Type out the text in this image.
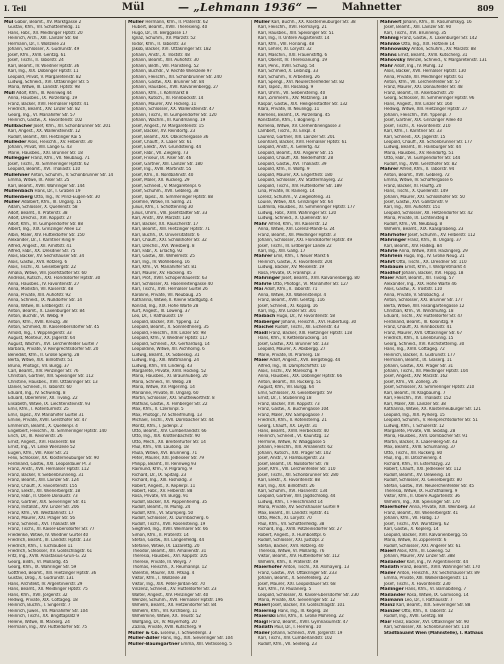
I. Teil	Mül	— „Lehmann 1936“ — Mahnetter	809
Mül Gabor, Beamt., XV. Marktgasse 2
Gustav, Kfm., VII. Schottenfeldg. 11
Hans, Fabr., XII. Meidlinger Hptstr. 20
Heinrich, Arch., XIII. Lainzer Str. 68
Hermann, Dr., I. Wollzeile 23
Johann, Schlosser, X. Gudrunstr. 49
Josef, Kfm., XVIII. Gentzg. 61
Josef, Tischl., II. Taborstr. 24
Karl, Beamt., IV. Wiedner Hptstr. 36
Karl, Ing., XIX. Döblinger Hptstr. 11
Leopold, Privat, V. Margaretenstr. 82
Ludwig, Schneid., XVI. Ottakringer Str. 5
Maria, Witwe, III. Landstr. Hptstr. 98
Müll Adolf, Kfm., III. Rennweg 44
Anna, Hausbes., IX. Porzellang. 19
Franz, Bäcker, XVII. Hernalser Hptstr. 41
Friedrich, Beamt., XIV. Linzer Str. 82
Georg, Ing., VI. Mariahilfer Str. 57
Heinrich, Gastw., X. Favoritenstr. 102
Müllbacher Josef, Kfm., XII. Schönbrunner Str. 201
Karl, Angest., XX. Wallensteinstr. 12
Rudolf, Beamt., XIII. Hietzinger Kai 5
Mülleder Alois, Fleischh., XV. Felberstr. 30
Johann, Privat, VIII. Lange G. 43
Marie, Hausbes., XXI. Brünner Str. 18
Müllegger Franz, Kfm., VII. Neubaug. 71
Josef, Tischl., XI. Simmeringer Hptstr. 62
Leopold, Beamt., XVI. Thaliastr. 110
Müllehner Anton, Schuhm., V. Schönbrunner Str. 14
Emma, Witwe, IX. Alser Str. 25
Karl, Beamt., XVIII. Währinger Str. 144
Müllenbach Hans, Dr., I. Graben 19
Müllenberg Otto, Ing., IV. Prinz-Eugen-Str. 30
Müller Adalbert, Kfm., III. Ungarg. 15
Adam, Schlosser, X. Quellenstr. 58
Adolf, Beamt., II. Praterstr. 38
Adolf, Drechsl., XVI. Koppstr. 27
Adolf, Kfm., VI. Gumpendorfer Str. 88
Albert, Ing., XIX. Grinzinger Allee 12
Albin, Maler, XIV. Hütteldorfer Str. 150
Alexander, Dr., I. Kärntner Ring 9
Alfred, Angest., XII. Arndtstr. 41
Alfred, Fabr., XX. Dresdner Str. 75
Alois, Bäcker, XV. Sechshauser Str. 34
Alois, Gastw., XVII. Rötzerg. 6
Alois, Tischl., XI. Geiselbergstr. 22
Amalia, Witwe, VIII. Josefstädter Str. 60
Andreas, Kutsch., XXI. Floridsdorfer Hptstr. 30
Anna, Hausbes., IV. Favoritenstr. 27
Anna, Modistin, VII. Kaiserstr. 48
Anna, Private, XIII. Auhofstr. 92
Anna, Schneid., IX. Nußdorfer Str. 14
Anna, Witwe, III. Erdbergstr. 71
Anton, Beamt., X. Laxenburger Str. 84
Anton, Buchdr., VI. Webg. 9
Anton, Kfm., XVIII. Kreuzg. 38
Anton, Schmied, XI. Kaiserebersdorfer Str. 45
Arnold, Ing., I. Wipplingerstr. 33
August, Monteur, XX. Jägerstr. 64
August, Wachm., XVI. Lerchenfelder Gürtel 7
Barbara, Private, V. Reinprechtsdorfer Str. 20
Benedikt, Kfm., II. Große Sperlg. 28
Berta, Witwe, XIX. Billrothstr. 51
Bruno, Photogr., VII. Burgg. 37
Carl, Beamt., XIV. Penzinger Str. 76
Christian, Gärtner, XIII. Speisinger Str. 112
Christine, Hausbes., XVII. Ottakringer Str. 13
Daniel, Schneid., II. Taborstr. 60
Eduard, Ing., IV. Schwindg. 8
Eduard, Oberlehrer, XII. Tivolig. 22
Elisabeth, Witwe, IX. Liechtensteinstr. 93
Emil, Kfm., I. Rotenturmstr. 25
Emil, Tapez., XV. Mariahilfer Gürtel 31
Emilie, Private, XVIII. Gersthofer Str. 47
Emmerich, Beamt., X. Quellenpl. 4
Engelbert, Fleischh., XI. Simmeringer Hptstr. 140
Erich, Dr., III. Reisnerstr. 26
Ernst, Angest., XVI. Hasnerstr. 68
Ernst, Ing., VI. Linke Wienzeile 52
Eugen, Kfm., VIII. Alser Str. 21
Felix, Schlosser, XX. Klosterneuburger Str. 90
Ferdinand, Gastw., XXI. Leopoldauer Pl. 3
Franz, Anstr., XVII. Hernalser Hptstr. 112
Franz, Bäcker, V. Siebenbrunneng. 31
Franz, Beamt., XIII. Lainzer Str. 124
Franz, Chauff., X. Favoritenstr. 155
Franz, Elektr., XII. Wienerbergstr. 18
Franz, Fabr., II. Obere Donaustr. 73
Franz, Gärtner, XIX. Sieveringer Str. 41
Franz, Installat., XIV. Linzer Str. 206
Franz, Kfm., VII. Westbahnstr. 17
Franz, Maurer, XXI. Prager Str. 56
Franz, Schneid., XVI. Thaliastr. 89
Franz, Tischl., XI. Kaiser-Ebersdorfer Str. 77
Friederike, Witwe, IV. Wiedner Gürtel 40
Friedrich, Beamt., III. Landstr. Hptstr. 133
Friedrich, Kfm., I. Tuchlauben 11
Friedrich, Schlosser, XV. Goldschlagstr. 61
Fritz, Ing., XVIII. Anastasius-Grün-G. 22
Georg, Bildh., VI. Mollardg. 45
Georg, Kfm., IX. Währinger Str. 59
Gottfried, Beamt., XIII. Hietzinger Hptstr. 36
Gustav, Drog., X. Gudrunstr. 131
Hans, Architekt, IV. Argentinierstr. 29
Hans, Beamt., XII. Meidlinger Hptstr. 75
Hans, Kfm., XVII. Jörgerstr. 32
Hedwig, Private, XIX. Cottageg. 18
Heinrich, Buchh., I. Singerstr. 7
Heinrich, Juwel., VII. Mariahilfer Str. 104
Heinrich, Tischl., XX. Brigittaplatz 9
Helene, Witwe, III. Marxerg. 24
Hermann, Ing., XIV. Hütteldorfer Str. 75
Müller Hermann, Kfm., II. Praterstr. 62
Hubert, Beamt., XVIII. Theresieng. 40
Hugo, Dr., IX. Berggasse 17
Ignaz, Schuhm., XV. Märzstr. 52
Isidor, Kfm., II. Taborstr. 33
Jakob, Bäcker, XVI. Ottakringer Str. 182
Johann, Anstr., X. Troststr. 48
Johann, Beamt., XIII. Auhofstr. 30
Johann, Bildh., VIII. Piaristeng. 52
Johann, Buchdr., V. Rechte Wienzeile 97
Johann, Fleischh., XII. Schönbrunner Str. 240
Johann, Gastw., XXI. Brünner Str. 84
Johann, Hausbes., XVII. Kalvarienbergg. 27
Johann, Kfm., I. Kohlmarkt 8
Johann, Kutsch., XI. Rinnböckstr. 14
Johann, Maurer, XIV. Hickelg. 11
Johann, Schlosser, XX. Wallensteinstr. 47
Johann, Tischl., VI. Gumpendorfer Str. 120
Johann, Wachm., III. Kundmanng. 19
Josef, Angest., IV. Margaretenstr. 15
Josef, Bäcker, XV. Reindorfg. 23
Josef, Beamt., XIX. Obkirchergasse 36
Josef, Chauff., X. Laaer Str. 61
Josef, Elektr., XVI. Grundsteing. 44
Josef, Fabr., VII. Zieglerg. 73
Josef, Friseur, IX. Alser Str. 46
Josef, Gärtner, XIII. Lainzer Str. 180
Josef, Ing., XVIII. Martinstr. 55
Josef, Kfm., II. Nordbahnstr. 40
Josef, Maler, XII. Ruckerg. 29
Josef, Schneid., V. Margaretenpl. 6
Josef, Schuhm., XVII. Geblerg. 38
Josef, Tapez., XI. Simmeringer Hptstr. 88
Josefine, Witwe, III. Salmg. 21
Julius, Kfm., I. Schottenring 30
Julius, Uhrm., VIII. Josefstädter Str. 33
Karl, Anstr., XIV. Märzstr. 130
Karl, Bäcker, XX. Rauscherstr. 17
Karl, Beamt., XIII. Hietzinger Hptstr. 71
Karl, Buchh., IX. Universitätsstr. 6
Karl, Chauff., XXI. Schloßhofer Str. 32
Karl, Drechsl., XVI. Wiesberg. 8
Karl, Fabr., X. Erlachg. 92
Karl, Gastw., XII. Wilhelmstr. 25
Karl, Ing., IV. Wohllebeng. 16
Karl, Kfm., VI. Mariahilfer Str. 81
Karl, Maurer, XV. Hackeng. 45
Karl, Prof., XVIII. Schopenhauerstr. 63
Karl, Schlosser, XI. Hasenleitengasse 40
Karl, Tischl., XVII. Hernalser Gürtel 26
Karoline, Private, VII. Neubaug. 25
Katharina, Witwe, II. Kleine Stadtgutg. 4
Konrad, Ing., XIX. Hohe Warte 28
Kurt, Angest., III. Löweng. 37
Leo, Dr., I. Rathausstr. 19
Leopold, Bäcker, XVI. Yppeng. 12
Leopold, Beamt., X. Sonnleithnerg. 35
Leopold, Fleischh., XIV. Linzer Str. 98
Leopold, Kfm., V. Wiedner Hptstr. 117
Leopold, Schneid., XX. Gerhardusg. 14
Leopoldine, Witwe, XII. Aichhorng. 6
Ludwig, Beamt., IX. Sobieskig. 31
Ludwig, Ing., XIII. Wattmanng. 24
Ludwig, Kfm., VII. Lindeng. 43
Margarete, Private, XVIII. Hockeg. 52
Maria, Hausbes., XI. Braunhuberg. 20
Maria, Schneid., VI. Webg. 28
Maria, Witwe, XV. Pilgerimg. 14
Marianne, Private, III. Ungarg. 60
Martin, Schlosser, XXI. Shuttleworthstr. 8
Mathias, Gastw., X. Himberger Str. 22
Max, Kfm., II. Czerninpl. 5
Max, Photogr., IV. Schleifmühlg. 13
Michael, Tischl., XVII. Dornbacher Str. 44
Moritz, Kfm., I. Judenpl. 2
Otto, Beamt., XIV. Cumberlandstr. 66
Otto, Ing., XIX. Krottenbachstr. 90
Otto, Mech., XII. Breitenfurter Str. 14
Paul, Kfm., VIII. Laudong. 18
Paula, Witwe, XVI. Brunneng. 71
Peter, Maurer, XXI. Jedleseer Str. 79
Philipp, Beamt., III. Rennweg 93
Raimund, Kfm., V. Pilgramg. 9
Richard, Dr., IX. Spitalg. 23
Richard, Ing., XIII. Fasholdg. 3
Robert, Angest., X. Keplerpl. 11
Robert, Fabr., XV. Felberstr. 88
Rosa, Private, VII. Burgg. 91
Rudolf, Bäcker, XX. Pappenheimg. 35
Rudolf, Beamt., IV. Mühlg. 24
Rudolf, Kfm., VI. Stumperg. 50
Rudolf, Schlosser, XI. Dürrnbacherg. 6
Rudolf, Tischl., XVII. Rosensteing. 19
Siegfried, Ing., XVIII. Weimarer Str. 66
Simon, Kfm., II. Praterstr. 14
Stefan, Gastw., XII. Längenfeldg. 44
Stefanie, Witwe, IX. Lazarettg. 20
Theodor, Beamt., XIII. Amalienstr. 31
Theresia, Hausbes., XVI. Koppstr. 105
Therese, Private, III. Weyrg. 7
Thomas, Fleischh., X. Reumannpl. 12
Valentin, Maurer, XXI. Pitkag. 4
Viktor, Kfm., I. Wollzeile 38
Viktor, Ing., XIX. Peter-Jordan-Str. 70
Vinzenz, Schneid., XV. Hütteldorfer Str. 23
Walter, Angest., XIV. Penzinger Str. 40
Wenzel, Schuhm., XVII. Hernalser Hptstr. 196
Wilhelm, Beamt., XII. Hetzendorfer Str. 84
Wilhelm, Kfm., VII. Kirchberg. 11
Wilhelmine, Witwe, XX. Treustr. 52
Wolfgang, Dr., IV. Mayerhofg. 20
Zäzilia, Private, XVIII. Kutscherg. 9
Müller & Co. Eisenw., I. Schwedenpl. 3
Müller-Adler Hans, Ing., XIX. Sieveringer Str. 104
Müller-Baumgartner Emma, XIII. Veitlisseng. 5
Müller Karl, Buchh., XX. Klosterneuburger Str. 38
Karl, Fleischh., XVII. Hormayrg. 21
Karl, Hausbes., XIII. Speisinger Str. 51
Karl, Ing., II. Untere Augartenstr. 14
Karl, Kfm., VIII. Florianig. 48
Karl, Lehrer, XI. Lorystr. 32
Karl, Maschin., XXI. Frauenstiftg. 6
Karl, Oberst, IV. Theresianumg. 19
Karl, Pens., XVIII. Schulg. 54
Karl, Schmied, X. Leibnizg. 33
Karl, Schuhm., V. Arbeiterg. 26
Karl, Spengl., XVI. Neulerchenfelder Str. 82
Karl, Tapez., XII. Rosaliag. 9
Karl, Uhrm., VII. Siebensterng. 40
Karl, Zimmerm., XIV. Matznerg. 18
Kaspar, Gastw., XIX. Heiligenstädter Str. 132
Klara, Private, III. Neulingg. 11
Klemens, Beamt., IX. Porzellang. 45
Konstantin, Kfm., I. Bognerg. 7
Kornelia, Witwe, XV. Clementinengasse 3
Lambert, Tischl., XI. Enkpl. 4
Laurenz, Gärtner, XIII. Lainzer Str. 201
Leonhard, Bäcker, XVII. Hernalser Hptstr. 61
Leopold, Anstr., X. Gellertg. 42
Leopold, Beamt., XXI. Angerer Str. 15
Leopold, Chauff., XII. Niederhofstr. 28
Leopold, Gastw., XVI. Thaliastr. 39
Leopold, Kfm., II. Wolfg. 9
Leopold, Maurer, XX. Engerthstr. 180
Leopold, Schlosser, XV. Stättermayerg. 22
Leopold, Tischl., XIV. Hütteldorfer Str. 189
Lina, Private, IV. Rainerg. 14
Lorenz, Schuhm., V. Ziegelofeng. 31
Louise, Witwe, XIX. Grinzinger Str. 64
Ludmilla, Hausbes., XI. Simmeringer Hptstr. 177
Ludwig, Fabr., XVIII. Währinger Str. 120
Ludwig, Schneid., X. Quellenstr. 87
Mahr Alfred, Kfm., VII. Kaiserstr. 12
Anna, Witwe, XVI. Lorenz-Mandl-G. 24
Franz, Beamt., XII. Meidlinger Hptstr. 3
Johann, Schlosser, XXI. Floridsdorfer Hptstr. 49
Josef, Tischl., III. Erdberger Lände 22
Karl, Ing., XIII. Gallg. 17
Mahrer Emil, Kfm., I. Neuer Markt 6
Heinrich, Gastw., X. Favoritenstr. 204
Ludwig, Bäcker, XV. Meiselstr. 19
Rosa, Private, IX. Frankhpl. 3
Mahringer Josef, Beamt., XVII. Kalvarienbergg. 80
Mahrle Otto, Photogr., VI. Mariahilfer Str. 127
Mai Adolf, Kfm., II. Taborstr. 71
Anna, Witwe, XX. Wallensteinpl. 4
Franz, Beamt., XVIII. Gentzg. 116
Josef, Schneid., XI. Kopalg. 16
Karl, Ing., XIV. Linzer Str. 301
Maibach Hugo, Dr., IV. Favoritenstr. 58
Maiberger Johann, Fleischh., XVI. Hubertusg. 30
Maichel Rudolf, Tischl., XII. Eichenstr. 43
Maidl Franz, Bäcker, XIII. Hietzinger Hptstr. 118
Hans, Kfm., V. Kettenbrückeng. 14
Josef, Gastw., XXI. Brünner Str. 133
Leopold, Maurer, X. Absbergg. 27
Marie, Private, IX. Pramerg. 18
Maier Adolf, Angest., XVII. Bergsteigg. 44
Alfred, Ing., III. Dampfschiffstr. 10
Alois, Tischl., XV. Mareschg. 9
Anna, Hausbes., XIX. Döblinger Hptstr. 66
Anton, Beamt., XII. Ruckerg. 51
August, Kfm., VII. Burgg. 64
Emil, Schlosser, XI. Geiselbergstr. 59
Ernst, Dr., I. Stubenring 18
Franz, Bäcker, XVI. Koppstr. 73
Franz, Gastw., X. Buchengasse 104
Franz, Maler, XIV. Sampogasse 7
Friedrich, Kfm., II. Rotensterng. 21
Georg, Chauff., XX. Leystr. 31
Hans, Beamt., XVIII. Herbeckstr. 40
Heinrich, Schneid., VI. Kaunitzg. 12
Hermine, Witwe, IV. Waaggasse 5
Johann, Fleischh., XIII. Amalienstr. 62
Johann, Kutsch., XXI. Prager Str. 102
Josef, Anstr., V. Hamburgerstr. 23
Josef, Beamt., IX. Nußdorfer Str. 78
Josef, Kfm., VIII. Lerchenfelder Str. 110
Josef, Tischl., XII. Schönbrunner Str. 280
Karl, Elektr., X. Favoritenstr. 88
Karl, Ing., XIX. Billrothstr. 26
Karl, Schuhm., XVI. Hasnerstr. 134
Leopold, Gärtner, XIII. Jagdschloßg. 44
Ludwig, Kfm., I. Fleischmarkt 14
Maria, Private, XV. Sechshauser Gürtel 9
Max, Beamt., III. Landstr. Hptstr. 41
Otto, Mech., XI. Lorystr. 70
Paul, Kfm., VII. Schottenfeldg. 38
Richard, Ing., XVIII. Pötzleinsdorfer Str. 27
Robert, Angest., X. Humboldtpl. 6
Rudolf, Schlosser, XXI. Justizpl. 2
Stefan, Bäcker, XVII. Rötzerg. 40
Theresia, Witwe, VI. Mollardg. 76
Viktor, Beamt., XIV. Hütteldorfer Str. 112
Wilhelm, Kfm., II. Praterstr. 49
Maierhofer Anton, Tischl., XII. Aßmayerg. 13
Franz, Gastw., XVI. Ottakringer Str. 233
Johann, Beamt., X. Senefelderg. 22
Josef, Maurer, XXI. Leopoldauer Str. 68
Karl, Kfm., IV. Paulanerg. 5
Leopold, Schlosser, XI. Kaiser-Ebersdorfer Str. 230
Maria, Private, XIX. Sieveringer Str. 12
Maierl Josef, Bäcker, XV. Goldschlagstr. 101
Maiernig Hans, Ing., III. Kegelg. 18
Maierski Emil, Kfm., II. Große Mohreng. 22
Maigl Franz, Beamt., XVIII. Gymnasiumstr. 47
Mailath Paul, Dr., I. Herreng. 10
Mailer Johann, Schneid., XVII. Jörgerstr. 19
Karl, Tischl., XIV. Cumberlandstr. 102
Rudolf, Kfm., VII. Seideng. 23
Mahnert Johann, Kfm., III. Rasumofskyg. 16
Josef, Beamt., XIII. Lainzer Str. 90
Karl, Tischl., XVI. Brunneng. 35
Mahnig Franz, Gastw., X. Laxenburger Str. 142
Mahnke Otto, Ing., XIX. Hofzeile 14
Mahnowsky Anton, Schuhm., XV. Märzstr. 88
Mahns Ernst, Beamt., XVIII. Kutscherg. 31
Mahovsky Wenzel, Schneid., V. Margaretenstr. 131
Mahr Adolf, Ing., IV. Mühlg. 12
Alois, Bäcker, XVII. Hernalser Hptstr. 130
Anna, Private, XII. Meidlinger Hptstr. 61
Anton, Kfm., VII. Lerchenfelder Str. 57
Franz, Maurer, XXI. Donaufelder Str. 48
Franz, Beamt., IX. Alserbachstr. 20
Georg, Schlosser, XI. Simmeringer Hptstr. 96
Hans, Angest., XIV. Linzer Str. 160
Hedwig, Witwe, XIII. Hietzinger Hptstr. 27
Johann, Fleischh., XVI. Yppenpl. 7
Josef, Gärtner, XIX. Grinzinger Allee 40
Josef, Tischl., X. Favoritenstr. 210
Karl, Kfm., I. Kärntner Str. 33
Karl, Schneid., XX. Jägerstr. 15
Leopold, Chauff., XII. Schönbrunner Str. 177
Ludwig, Beamt., III. Hainburger Str. 44
Maria, Hausbes., XV. Reindorfg. 51
Otto, Fabr., VI. Gumpendorfer Str. 144
Rudolf, Ing., XVIII. Gersthofer Str. 82
Mahrer Alfred, Kfm., II. Taborstr. 94
Anton, Beamt., XVII. Geblerg. 72
Emma, Witwe, IV. Schäffergasse 6
Franz, Bäcker, XI. Hauffg. 20
Hans, Tischl., X. Quellenstr. 149
Johann, Maurer, XXI. Schloßhofer Str. 50
Josef, Gastw., XVI. Gallitzinstr. 9
Karl, Ing., XIII. Auhofstr. 151
Leopold, Schlosser, XII. Hetzendorfer Str. 42
Maria, Private, IX. Lichtensteg 8
Rudolf, Kfm., VII. Neubaug. 8
Wilhelm, Beamt., XIX. Kaasgrabeng. 23
Mahrhofer Josef, Schuhm., XV. Felberstr. 112
Mahringer Franz, Kfm., III. Ungarg. 37
Karl, Beamt., XIV. Hadikg. 84
Mahrle Anna, Witwe, XVIII. Haizingerg. 29
Mahrlein Hugo, Ing., IV. Große Neug. 21
Mahrt Otto, Tischl., XX. Dresdner Str. 110
Maibaum Ernst, Kfm., I. Wildpretmarkt 4
Maidhof Johann, Bäcker, XVI. Hippg. 18
Maier Adolf, Beamt., XII. Tivolig. 57
Alexander, Ing., XIX. Hohe Warte 46
Alois, Gastw., X. Troststr. 110
Anna, Private, V. Strobachg. 3
Anton, Schlosser, XXI. Brünner Str. 177
Berta, Witwe, XIII. Fasangartengasse 12
Christian, Kfm., VI. Windmühlg. 18
Eduard, Tischl., XV. Hütteldorfer Str. 47
Ferdinand, Beamt., III. Kolonitzg. 9
Franz, Chauff., XI. Rinnböckstr. 41
Franz, Maurer, XVII. Ottakringer Str. 67
Friedrich, Kfm., II. Lilienbrunng. 15
Georg, Schneid., XVI. Kirchstetterng. 30
Hans, Ing., XVIII. Cottageg. 72
Heinrich, Bäcker, X. Gudrunstr. 177
Hermann, Beamt., IX. Glaserg. 11
Johann, Gastw., XXI. Prager Str. 31
Johann, Tischl., XII. Meidlinger Hptstr. 104
Josef, Angest., XIV. Märzstr. 162
Josef, Kfm., VII. Zollerg. 26
Josef, Schlosser, XI. Simmeringer Hptstr. 210
Karl, Beamt., IV. Klagbaumg. 7
Karl, Fleischh., XVI. Thaliastr. 152
Karl, Maler, XIII. Lainzer Str. 38
Katharina, Witwe, XX. Klosterneuburger Str. 121
Leopold, Ing., XIX. Pyrkerg. 15
Leopold, Schuhm., V. Reinprechtsdorfer Str. 51
Ludwig, Kfm., I. Schulerstr. 12
Margarete, Private, VIII. Skodag. 28
Maria, Hausbes., XVII. Dornbacher Str. 91
Martin, Bäcker, X. Laaer-Berg-Str. 43
Max, Beamt., XVIII. Schumanng. 37
Otto, Tischl., XII. Ruckerg. 80
Paul, Ing., III. Ditscheinerg. 4
Richard, Kfm., VI. Esterházyg. 22
Robert, Chauff., XXI. Jedleseer Str. 112
Rudolf, Beamt., XV. Oelweing. 14
Rudolf, Schlosser, XI. Geiselbergstr. 80
Stefan, Gastw., XVI. Neulerchenfelder Str. 45
Theresia, Witwe, IX. Fuchsthallerg. 9
Viktor, Kfm., II. Obere Augartenstr. 36
Wilhelm, Ing., XIII. Speisinger Str. 170
Maierhofer Anna, Private, XIX. Weinberg. 33
Franz, Beamt., XII. Wienerbergstr. 41
Johann, Kfm., VII. Halbg. 17
Josef, Tischl., XVI. Wurlitzerg. 62
Karl, Gastw., X. Keplerg. 14
Leopold, Bäcker, XVII. Kalvarienbergg. 55
Maria, Witwe, XI. Zippererstr. 6
Rudolf, Schlosser, XXI. Angerer Str. 61
Maierl Alois, Kfm., III. Löweng. 52
Johann, Maurer, XIV. Linzer Str. 388
Mailänder Karl, Ing., IV. Argentinierstr. 44
Mailath Franz, Beamt., XVIII. Währinger Str. 170
Mailer Anton, Fleischh., XV. Sechshauser Str. 89
Emma, Private, XIII. Wolkersbergenstr. 11
Josef, Tischl., X. Favoritenstr. 230
Mailinger Hans, Kfm., VI. Barnabiteng. 7
Mailänder Rosa, Witwe, IX. Garnisong. 14
Maimann Leo, Dr., I. Rathausstr. 7
Mainz Karl, Beamt., XIX. Sieveringer Str. 88
Mainzer Otto, Kfm., II. Taborstr. 12
Rudolf, Ing., XVIII. Gentzg. 88
Mair Franz, Bäcker, XVI. Ottakringer Str. 90
Karl, Schlosser, XII. Schönbrunner Str. 110
Stadtbauamt Wien (Mahnstelle), I. Rathaus
